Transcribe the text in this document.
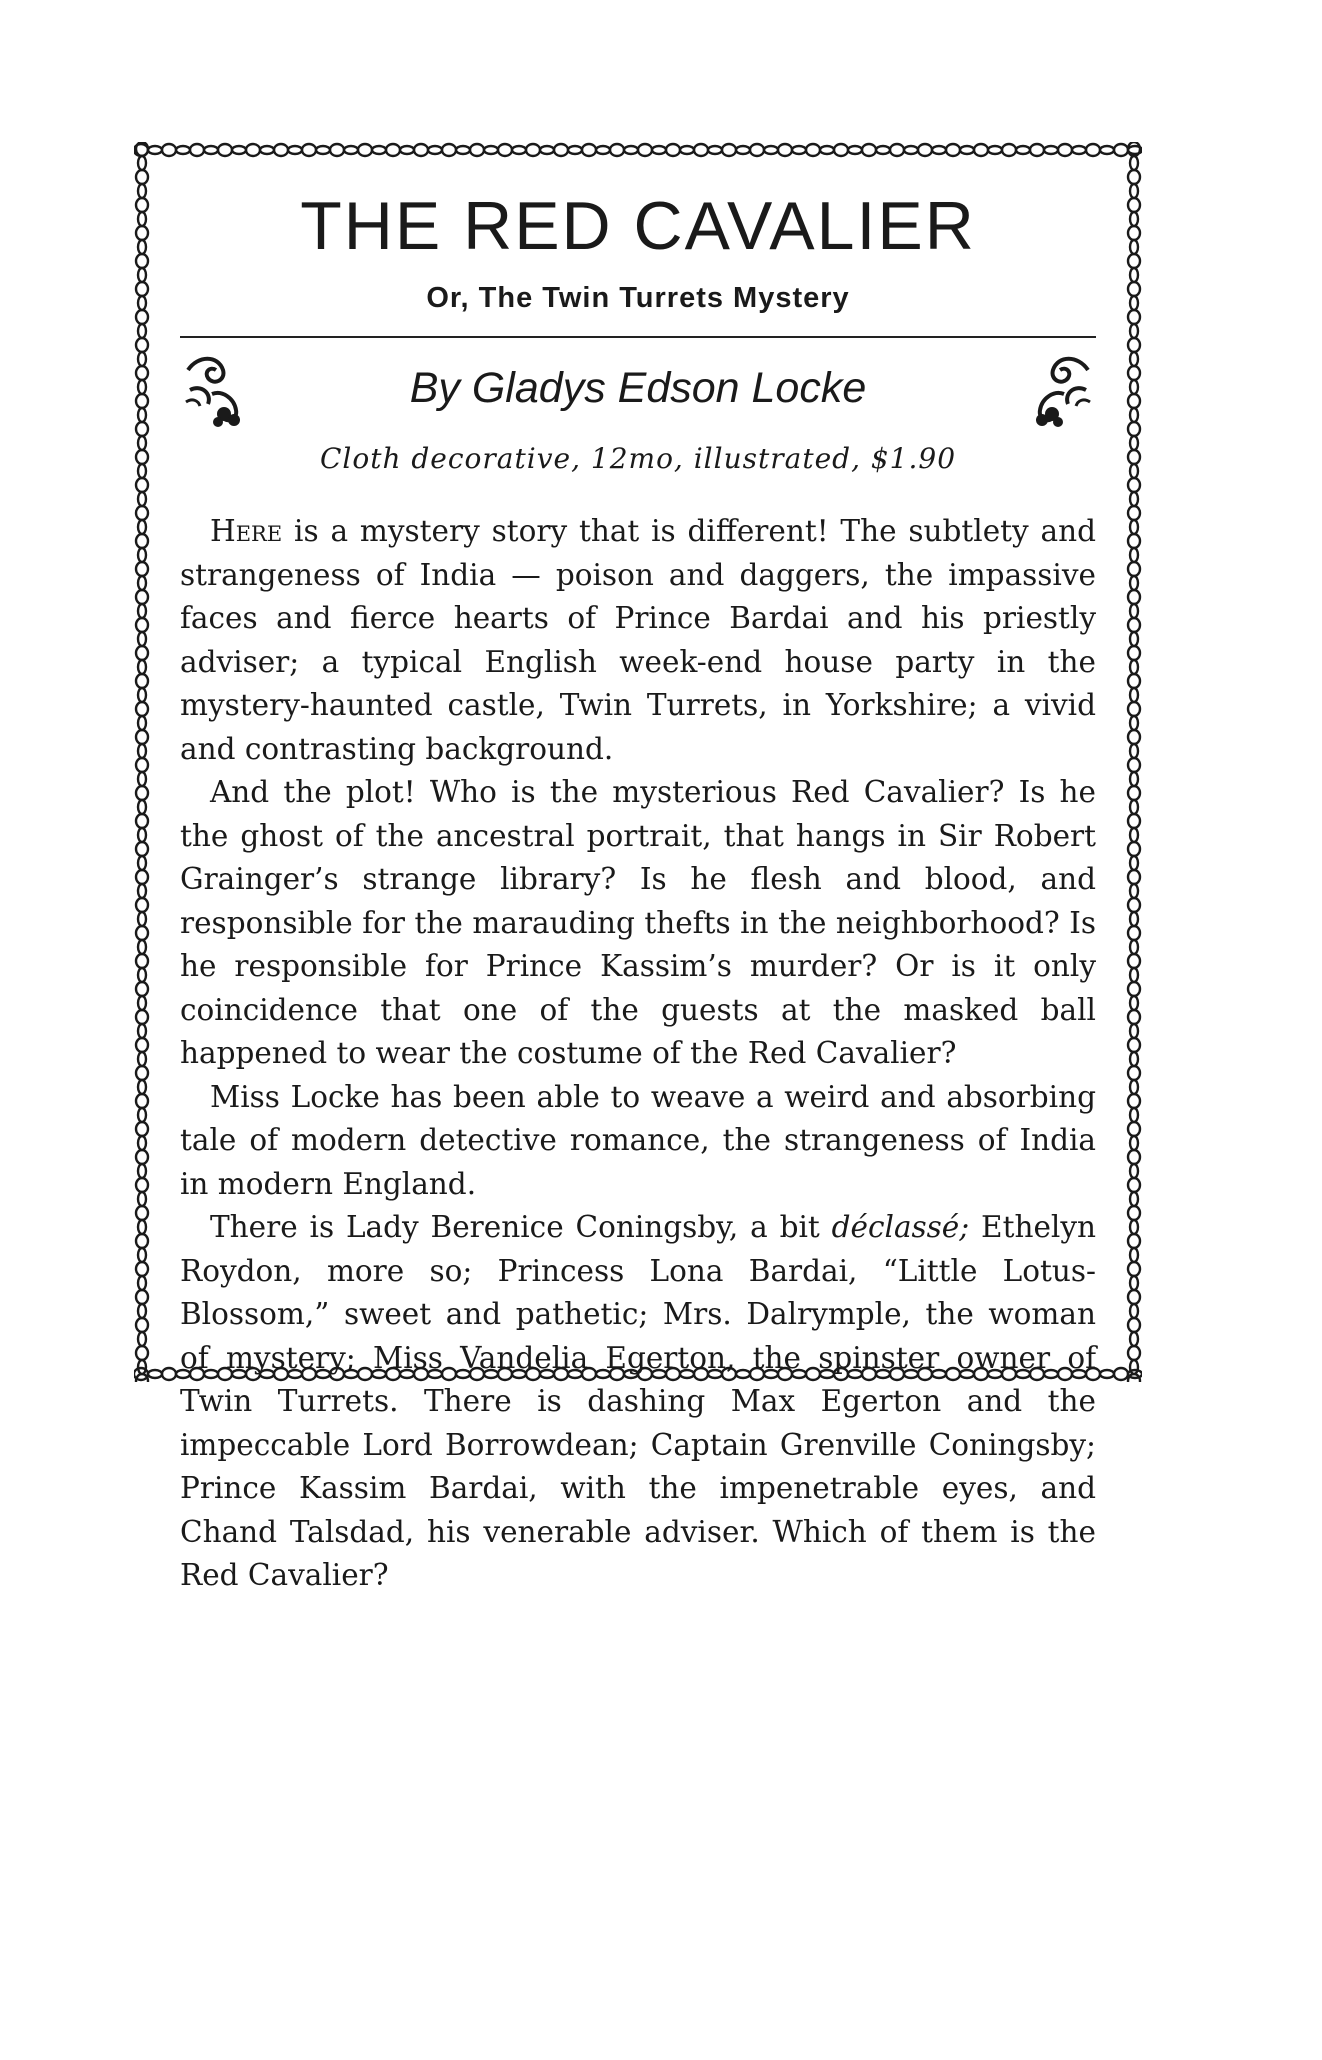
THE RED CAVALIER
Or, The Twin Turrets Mystery
By Gladys Edson Locke
Cloth decorative, 12mo, illustrated, $1.90

Here is a mystery story that is different! The subtlety and strangeness of India — poison and daggers, the impassive faces and fierce hearts of Prince Bardai and his priestly adviser; a typical English week-end house party in the mystery-haunted castle, Twin Turrets, in Yorkshire; a vivid and contrasting background.

And the plot! Who is the mysterious Red Cavalier? Is he the ghost of the ancestral portrait, that hangs in Sir Robert Grainger’s strange library? Is he flesh and blood, and responsible for the marauding thefts in the neighborhood? Is he responsible for Prince Kassim’s murder? Or is it only coincidence that one of the guests at the masked ball happened to wear the costume of the Red Cavalier?

Miss Locke has been able to weave a weird and absorbing tale of modern detective romance, the strangeness of India in modern England.

There is Lady Berenice Coningsby, a bit déclassé; Ethelyn Roydon, more so; Princess Lona Bardai, “Little Lotus-Blossom,” sweet and pathetic; Mrs. Dalrymple, the woman of mystery; Miss Vandelia Egerton, the spinster owner of Twin Turrets. There is dashing Max Egerton and the impeccable Lord Borrowdean; Captain Grenville Coningsby; Prince Kassim Bardai, with the impenetrable eyes, and Chand Talsdad, his venerable adviser. Which of them is the Red Cavalier?
